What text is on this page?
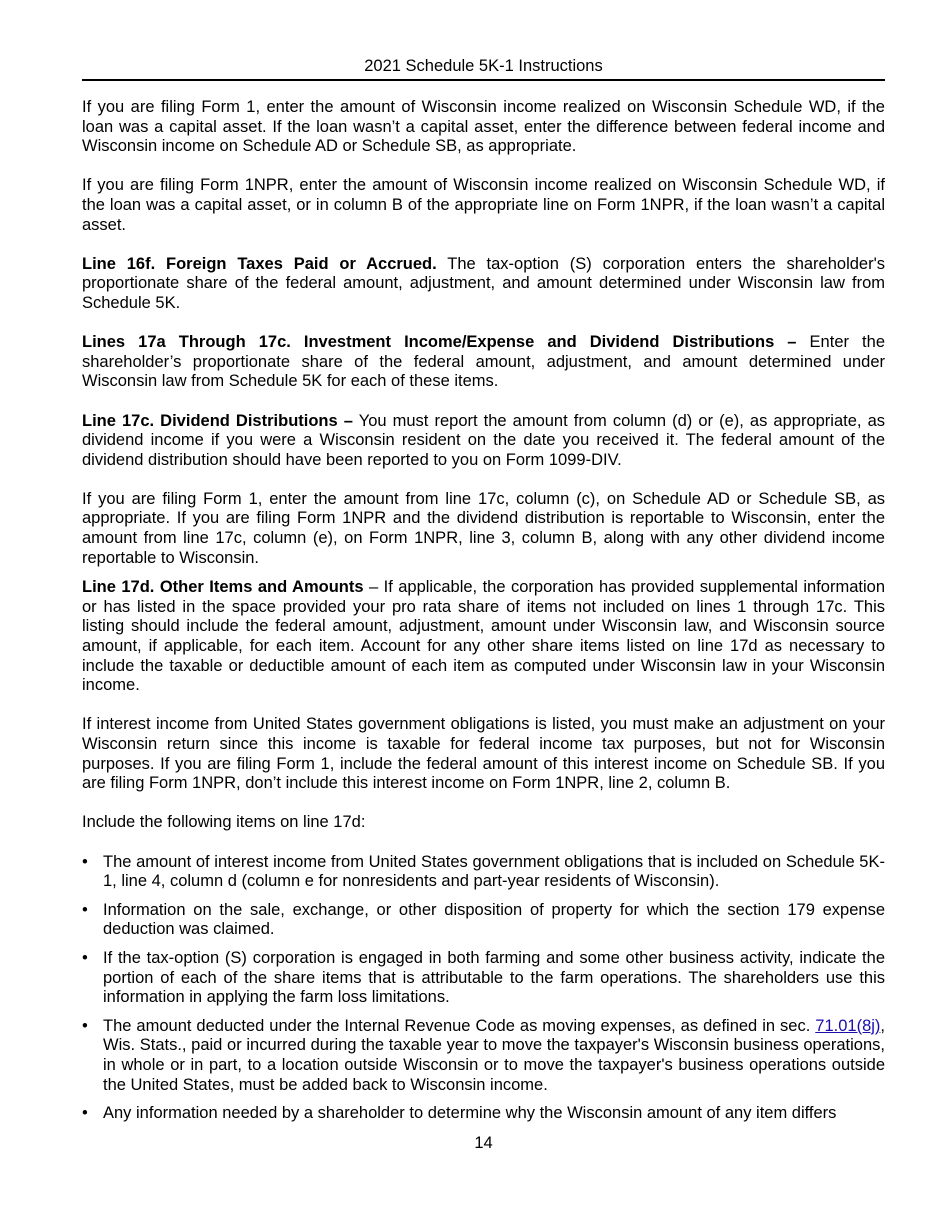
2021 Schedule 5K-1 Instructions

If you are filing Form 1, enter the amount of Wisconsin income realized on Wisconsin Schedule WD, if the loan was a capital asset. If the loan wasn’t a capital asset, enter the difference between federal income and Wisconsin income on Schedule AD or Schedule SB, as appropriate.

If you are filing Form 1NPR, enter the amount of Wisconsin income realized on Wisconsin Schedule WD, if the loan was a capital asset, or in column B of the appropriate line on Form 1NPR, if the loan wasn’t a capital asset.

Line 16f. Foreign Taxes Paid or Accrued. The tax-option (S) corporation enters the shareholder's proportionate share of the federal amount, adjustment, and amount determined under Wisconsin law from Schedule 5K.

Lines 17a Through 17c. Investment Income/Expense and Dividend Distributions – Enter the shareholder’s proportionate share of the federal amount, adjustment, and amount determined under Wisconsin law from Schedule 5K for each of these items.

Line 17c. Dividend Distributions – You must report the amount from column (d) or (e), as appropriate, as dividend income if you were a Wisconsin resident on the date you received it. The federal amount of the dividend distribution should have been reported to you on Form 1099-DIV.

If you are filing Form 1, enter the amount from line 17c, column (c), on Schedule AD or Schedule SB, as appropriate. If you are filing Form 1NPR and the dividend distribution is reportable to Wisconsin, enter the amount from line 17c, column (e), on Form 1NPR, line 3, column B, along with any other dividend income reportable to Wisconsin.

Line 17d. Other Items and Amounts – If applicable, the corporation has provided supplemental information or has listed in the space provided your pro rata share of items not included on lines 1 through 17c. This listing should include the federal amount, adjustment, amount under Wisconsin law, and Wisconsin source amount, if applicable, for each item. Account for any other share items listed on line 17d as necessary to include the taxable or deductible amount of each item as computed under Wisconsin law in your Wisconsin income.

If interest income from United States government obligations is listed, you must make an adjustment on your Wisconsin return since this income is taxable for federal income tax purposes, but not for Wisconsin purposes. If you are filing Form 1, include the federal amount of this interest income on Schedule SB. If you are filing Form 1NPR, don’t include this interest income on Form 1NPR, line 2, column B.

Include the following items on line 17d:

• The amount of interest income from United States government obligations that is included on Schedule 5K-1, line 4, column d (column e for nonresidents and part-year residents of Wisconsin).
• Information on the sale, exchange, or other disposition of property for which the section 179 expense deduction was claimed.
• If the tax-option (S) corporation is engaged in both farming and some other business activity, indicate the portion of each of the share items that is attributable to the farm operations. The shareholders use this information in applying the farm loss limitations.
• The amount deducted under the Internal Revenue Code as moving expenses, as defined in sec. 71.01(8j), Wis. Stats., paid or incurred during the taxable year to move the taxpayer's Wisconsin business operations, in whole or in part, to a location outside Wisconsin or to move the taxpayer's business operations outside the United States, must be added back to Wisconsin income.
• Any information needed by a shareholder to determine why the Wisconsin amount of any item differs
14
